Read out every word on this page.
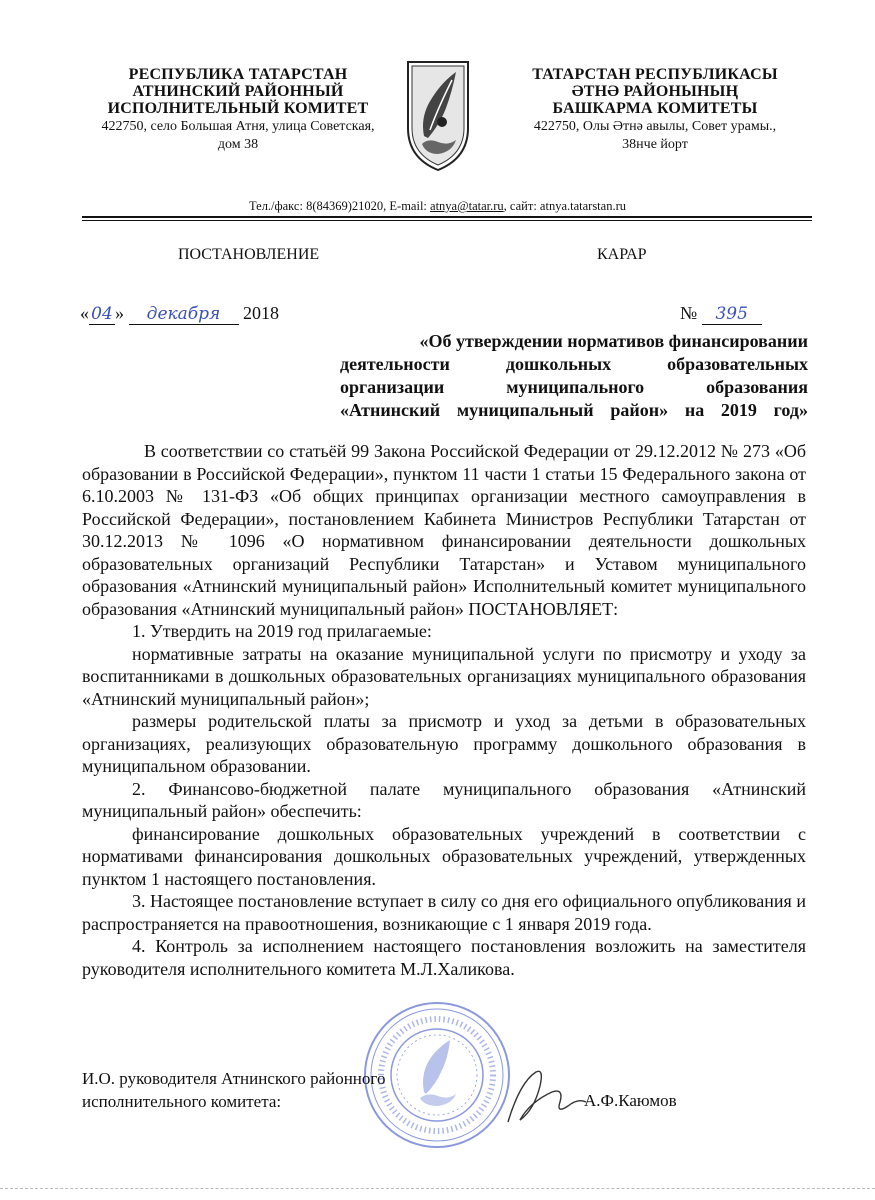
РЕСПУБЛИКА ТАТАРСТАН
АТНИНСКИЙ РАЙОННЫЙ
ИСПОЛНИТЕЛЬНЫЙ КОМИТЕТ
422750, село Большая Атня, улица Советская,
дом 38
ТАТАРСТАН РЕСПУБЛИКАСЫ
ӘТНӘ РАЙОНЫНЫҢ
БАШКАРМА КОМИТЕТЫ
422750, Олы Әтнә авылы, Совет урамы.,
38нче йорт
Тел./факс: 8(84369)21020, E-mail: atnya@tatar.ru, сайт: atnya.tatarstan.ru
ПОСТАНОВЛЕНИЕ	КАРАР
« 04 » декабря 2018	№ 395
«Об утверждении нормативов финансировании
деятельности дошкольных образовательных
организации муниципального образования
«Атнинский муниципальный район» на 2019 год»

В соответствии со статьёй 99 Закона Российской Федерации от 29.12.2012 № 273 «Об образовании в Российской Федерации», пунктом 11 части 1 статьи 15 Федерального закона от 6.10.2003 № 131-ФЗ «Об общих принципах организации местного самоуправления в Российской Федерации», постановлением Кабинета Министров Республики Татарстан от 30.12.2013 № 1096 «О нормативном финансировании деятельности дошкольных образовательных организаций Республики Татарстан» и Уставом муниципального образования «Атнинский муниципальный район» Исполнительный комитет муниципального образования «Атнинский муниципальный район» ПОСТАНОВЛЯЕТ:

1. Утвердить на 2019 год прилагаемые:

нормативные затраты на оказание муниципальной услуги по присмотру и уходу за воспитанниками в дошкольных образовательных организациях муниципального образования «Атнинский муниципальный район»;

размеры родительской платы за присмотр и уход за детьми в образовательных организациях, реализующих образовательную программу дошкольного образования в муниципальном образовании.

2. Финансово-бюджетной палате муниципального образования «Атнинский муниципальный район» обеспечить:

финансирование дошкольных образовательных учреждений в соответствии с нормативами финансирования дошкольных образовательных учреждений, утвержденных пунктом 1 настоящего постановления.

3. Настоящее постановление вступает в силу со дня его официального опубликования и распространяется на правоотношения, возникающие с 1 января 2019 года.

4. Контроль за исполнением настоящего постановления возложить на заместителя руководителя исполнительного комитета М.Л.Халикова.

И.О. руководителя Атнинского районного
исполнительного комитета:	А.Ф.Каюмов
